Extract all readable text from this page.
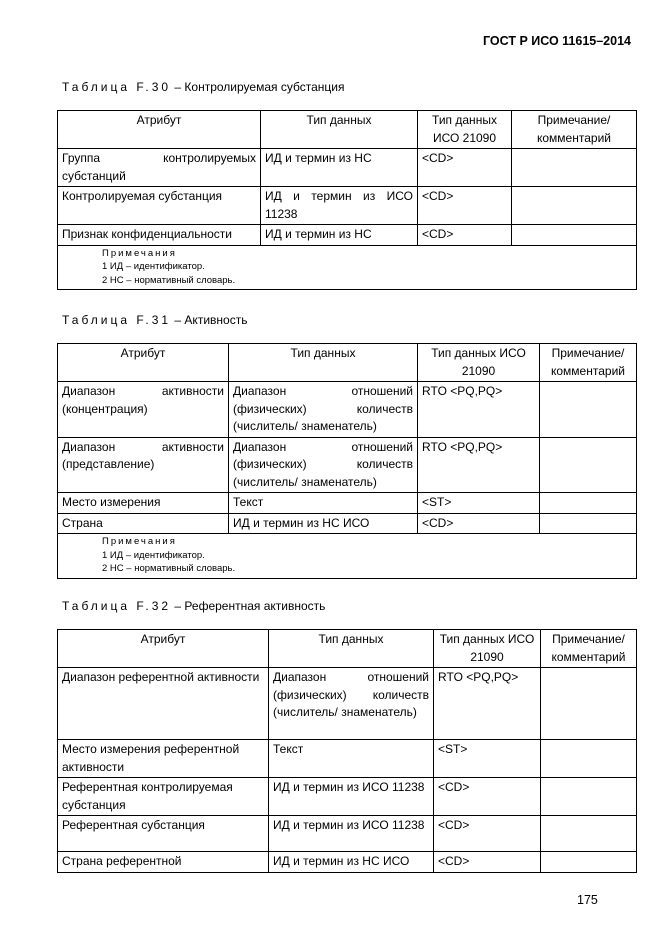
ГОСТ Р ИСО 11615–2014
Таблица F.30 – Контролируемая субстанция
Атрибут	Тип данных	Тип данных ИСО 21090	Примечание/ комментарий
Группа контролируемых субстанций	ИД и термин из НС	<CD>	
Контролируемая субстанция	ИД и термин из ИСО 11238	<CD>	
Признак конфиденциальности	ИД и термин из НС	<CD>	

Примечания
1 ИД – идентификатор.
2 НС – нормативный словарь.			
Таблица F.31 – Активность
Атрибут	Тип данных	Тип данных ИСО 21090	Примечание/ комментарий
Диапазон активности (концентрация)	Диапазон отношений (физических) количеств (числитель/ знаменатель)	RTO <PQ,PQ>	
Диапазон активности (представление)	Диапазон отношений (физических) количеств (числитель/ знаменатель)	RTO <PQ,PQ>	
Место измерения	Текст	<ST>	
Страна	ИД и термин из НС ИСО	<CD>	

Примечания
1 ИД – идентификатор.
2 НС – нормативный словарь.			
Таблица F.32 – Референтная активность
Атрибут	Тип данных	Тип данных ИСО 21090	Примечание/ комментарий
Диапазон референтной активности	Диапазон отношений (физических) количеств (числитель/ знаменатель)	RTO <PQ,PQ>	
Место измерения референтной активности	Текст	<ST>	
Референтная контролируемая субстанция	ИД и термин из ИСО 11238	<CD>	
Референтная субстанция	ИД и термин из ИСО 11238	<CD>	
Страна референтной	ИД и термин из НС ИСО	<CD>	
175
